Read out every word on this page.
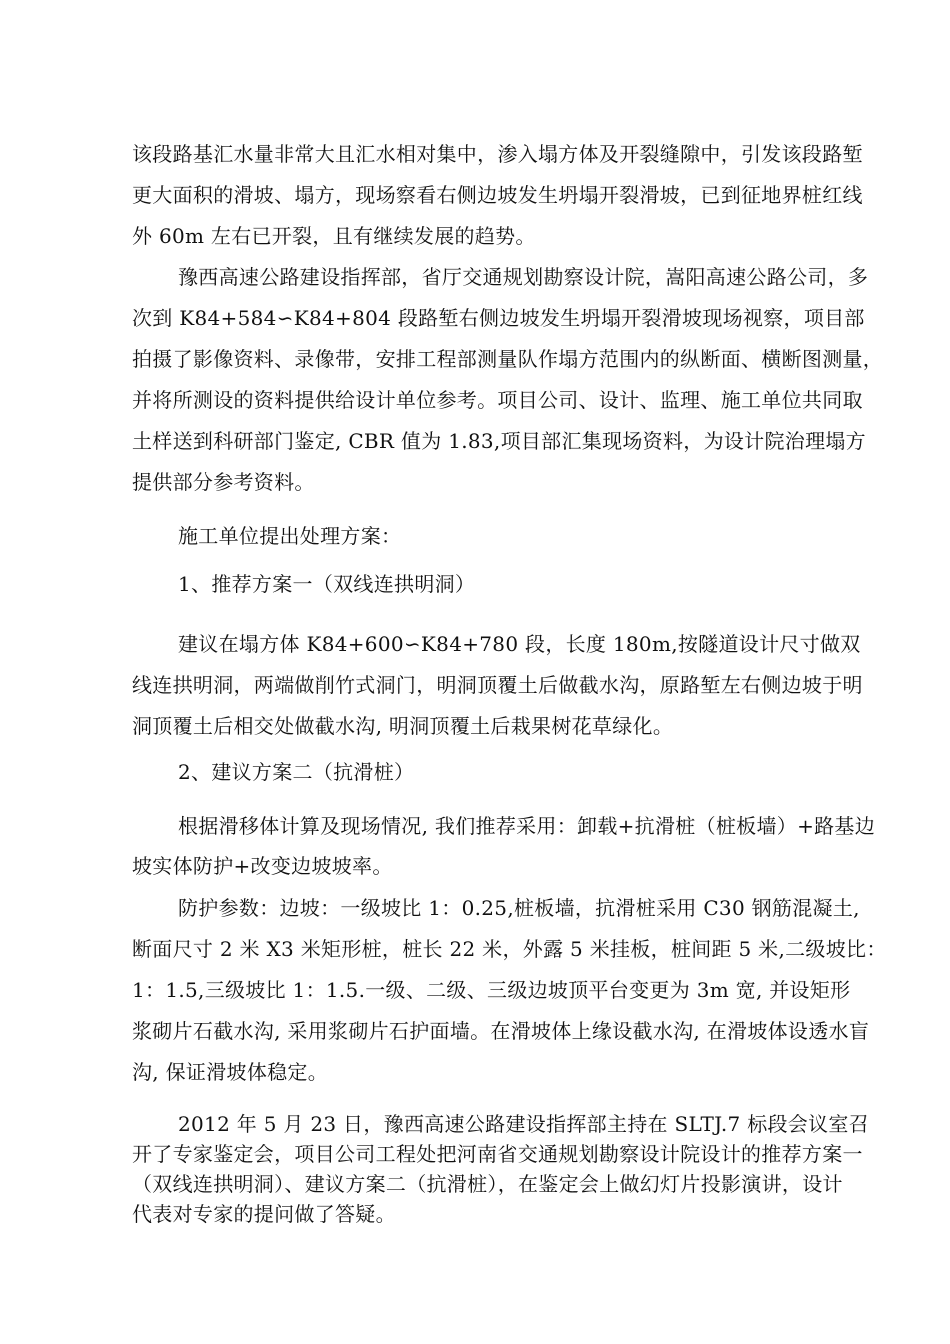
该段路基汇水量非常大且汇水相对集中，渗入塌方体及开裂缝隙中，引发该段路堑
更大面积的滑坡、塌方，现场察看右侧边坡发生坍塌开裂滑坡，已到征地界桩红线
外 60m 左右已开裂，且有继续发展的趋势。
豫西高速公路建设指挥部，省厅交通规划勘察设计院，嵩阳高速公路公司，多
次到 K84+584∽K84+804 段路堑右侧边坡发生坍塌开裂滑坡现场视察，项目部
拍摄了影像资料、录像带，安排工程部测量队作塌方范围内的纵断面、横断图测量，
并将所测设的资料提供给设计单位参考。项目公司、设计、监理、施工单位共同取
土样送到科研部门鉴定, CBR 值为 1.83,项目部汇集现场资料，为设计院治理塌方
提供部分参考资料。
施工单位提出处理方案：
1、推荐方案一（双线连拱明洞）
建议在塌方体 K84+600∽K84+780 段，长度 180m,按隧道设计尺寸做双
线连拱明洞，两端做削竹式洞门，明洞顶覆土后做截水沟，原路堑左右侧边坡于明
洞顶覆土后相交处做截水沟, 明洞顶覆土后栽果树花草绿化。
2、建议方案二（抗滑桩）
根据滑移体计算及现场情况, 我们推荐采用：卸载+抗滑桩（桩板墙）+路基边
坡实体防护+改变边坡坡率。
防护参数：边坡：一级坡比 1：0.25,桩板墙，抗滑桩采用 C30 钢筋混凝土,
断面尺寸 2 米 X3 米矩形桩，桩长 22 米，外露 5 米挂板，桩间距 5 米,二级坡比：
1：1.5,三级坡比 1：1.5.一级、二级、三级边坡顶平台变更为 3m 宽, 并设矩形
浆砌片石截水沟, 采用浆砌片石护面墙。在滑坡体上缘设截水沟, 在滑坡体设透水盲
沟, 保证滑坡体稳定。
2012 年 5 月 23 日，豫西高速公路建设指挥部主持在 SLTJ.7 标段会议室召
开了专家鉴定会，项目公司工程处把河南省交通规划勘察设计院设计的推荐方案一
（双线连拱明洞）、建议方案二（抗滑桩），在鉴定会上做幻灯片投影演讲，设计
代表对专家的提问做了答疑。
